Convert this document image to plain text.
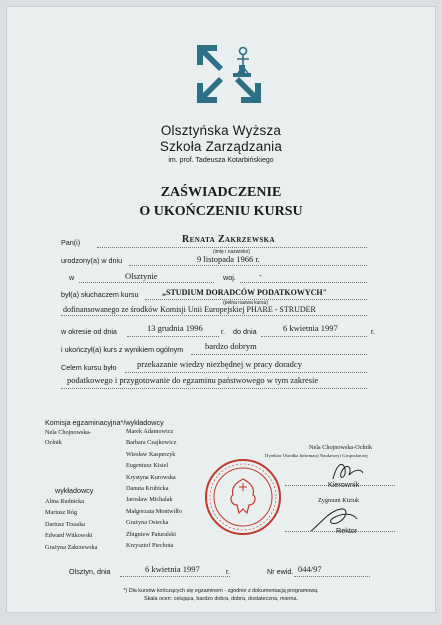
Olsztyńska Wyższa
Szkoła Zarządzania
im. prof. Tadeusza Kotarbińskiego
ZAŚWIADCZENIE
O UKOŃCZENIU KURSU
Pan(i)	Renata Zakrzewska
(imię i nazwisko)
urodzony(a) w dniu	9 listopada 1966 r.
w	Olsztynie	woj.	-
był(a) słuchaczem kursu	„STUDIUM DORADCÓW PODATKOWYCH"
(pełna nazwa kursu)
dofinansowanego ze środków Komisji Unii Europejskiej PHARE - STRUDER
w okresie od dnia	13 grudnia 1996	r. do dnia	6 kwietnia 1997	r.
i ukończył(a) kurs z wynikiem ogólnym	bardzo dobrym
Celem kursu było przekazanie wiedzy niezbędnej w pracy doradcy
podatkowego i przygotowanie do egzaminu państwowego w tym zakresie
Komisja egzaminacyjna*/wykładowcy
Nela Chojnowska-Ocłnik
Marek Adamowicz
Barbara Czajkowicz
Wiesław Kasperzyk
Eugeniusz Kisiel
Krystyna Kurowska
Danuta Krubicka
Jarosław Michalak
Małgorzata Montwiłło
Grażyna Osiecka
Zbigniew Paturalski
Krzysztof Piechota
wykładowcy
Alina Rudnicka
Mariusz Róg
Dariusz Trzaska
Edward Witkowski
Grażyna Zakrzewska
Nela Chojnowska-Ocłnik
Dyrektor Ośrodka Informacji Naukowej i Gospodarczej
Kierownik
Zygmunt Kiziuk
Rektor
Olsztyn, dnia	6 kwietnia 1997	r.	Nr ewid. 044/97
*) Dla kursów kończących się egzaminem - zgodnie z dokumentacją programową.
Skala ocen: celująca, bardzo dobra, dobra, dostateczna, mierna.
